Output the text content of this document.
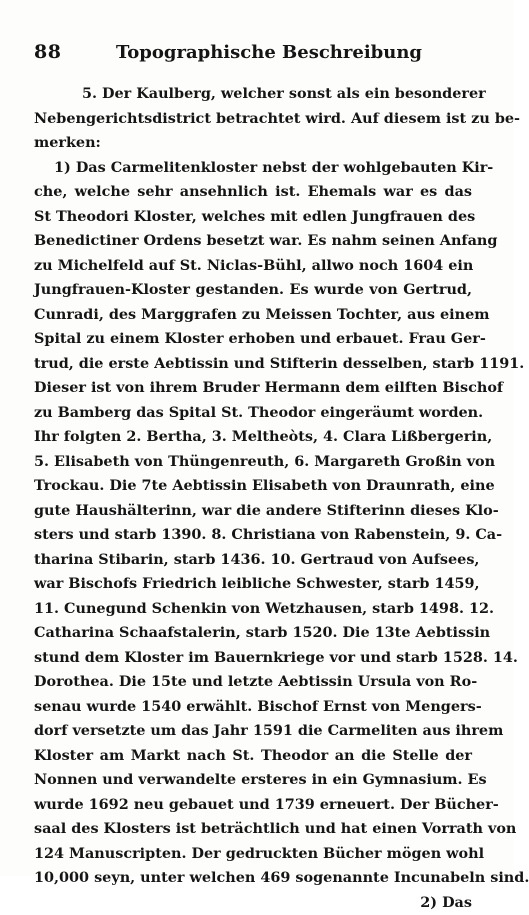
88	Topographische Beschreibung
5. Der Kaulberg, welcher sonst als ein besonderer
Nebengerichtsdistrict betrachtet wird. Auf diesem ist zu be-
merken:
1) Das Carmelitenkloster nebst der wohlgebauten Kir-
che, welche sehr ansehnlich ist. Ehemals war es das
St Theodori Kloster, welches mit edlen Jungfrauen des
Benedictiner Ordens besetzt war. Es nahm seinen Anfang
zu Michelfeld auf St. Niclas-Bühl, allwo noch 1604 ein
Jungfrauen-Kloster gestanden. Es wurde von Gertrud,
Cunradi, des Marggrafen zu Meissen Tochter, aus einem
Spital zu einem Kloster erhoben und erbauet. Frau Ger-
trud, die erste Aebtissin und Stifterin desselben, starb 1191.
Dieser ist von ihrem Bruder Hermann dem eilften Bischof
zu Bamberg das Spital St. Theodor eingeräumt worden.
Ihr folgten 2. Bertha, 3. Meltheòts, 4. Clara Lißbergerin,
5. Elisabeth von Thüngenreuth, 6. Margareth Großin von
Trockau. Die 7te Aebtissin Elisabeth von Draunrath, eine
gute Haushälterinn, war die andere Stifterinn dieses Klo-
sters und starb 1390. 8. Christiana von Rabenstein, 9. Ca-
tharina Stibarin, starb 1436. 10. Gertraud von Aufsees,
war Bischofs Friedrich leibliche Schwester, starb 1459,
11. Cunegund Schenkin von Wetzhausen, starb 1498. 12.
Catharina Schaafstalerin, starb 1520. Die 13te Aebtissin
stund dem Kloster im Bauernkriege vor und starb 1528. 14.
Dorothea. Die 15te und letzte Aebtissin Ursula von Ro-
senau wurde 1540 erwählt. Bischof Ernst von Mengers-
dorf versetzte um das Jahr 1591 die Carmeliten aus ihrem
Kloster am Markt nach St. Theodor an die Stelle der
Nonnen und verwandelte ersteres in ein Gymnasium. Es
wurde 1692 neu gebauet und 1739 erneuert. Der Bücher-
saal des Klosters ist beträchtlich und hat einen Vorrath von
124 Manuscripten. Der gedruckten Bücher mögen wohl
10,000 seyn, unter welchen 469 sogenannte Incunabeln sind.
2) Das
